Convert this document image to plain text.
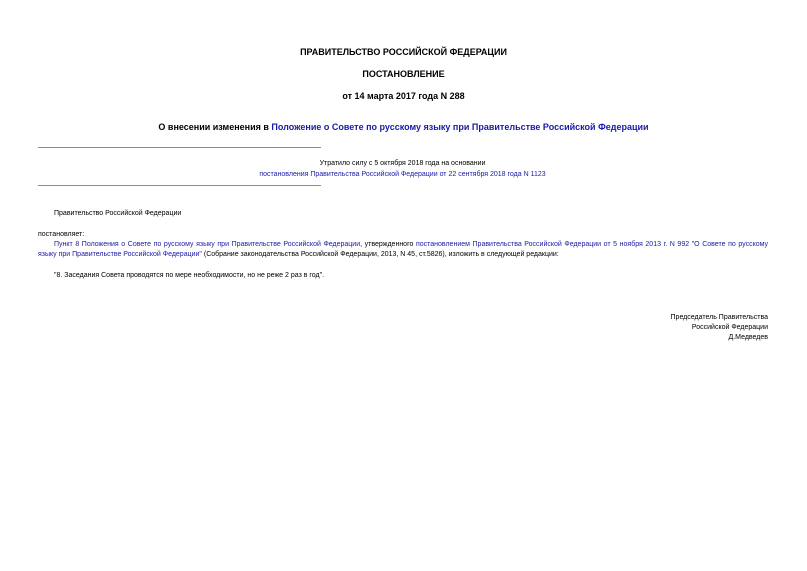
ПРАВИТЕЛЬСТВО РОССИЙСКОЙ ФЕДЕРАЦИИ
ПОСТАНОВЛЕНИЕ
от 14 марта 2017 года N 288
О внесении изменения в Положение о Совете по русскому языку при Правительстве Российской Федерации
Утратило силу с 5 октября 2018 года на основании
постановления Правительства Российской Федерации от 22 сентября 2018 года N 1123
Правительство Российской Федерации
постановляет:
Пункт 8 Положения о Совете по русскому языку при Правительстве Российской Федерации, утвержденного постановлением Правительства Российской Федерации от 5 ноября 2013 г. N 992 "О Совете по русскому языку при Правительстве Российской Федерации" (Собрание законодательства Российской Федерации, 2013, N 45, ст.5826), изложить в следующей редакции:
"8. Заседания Совета проводятся по мере необходимости, но не реже 2 раз в год".
Председатель Правительства
Российской Федерации
Д.Медведев
